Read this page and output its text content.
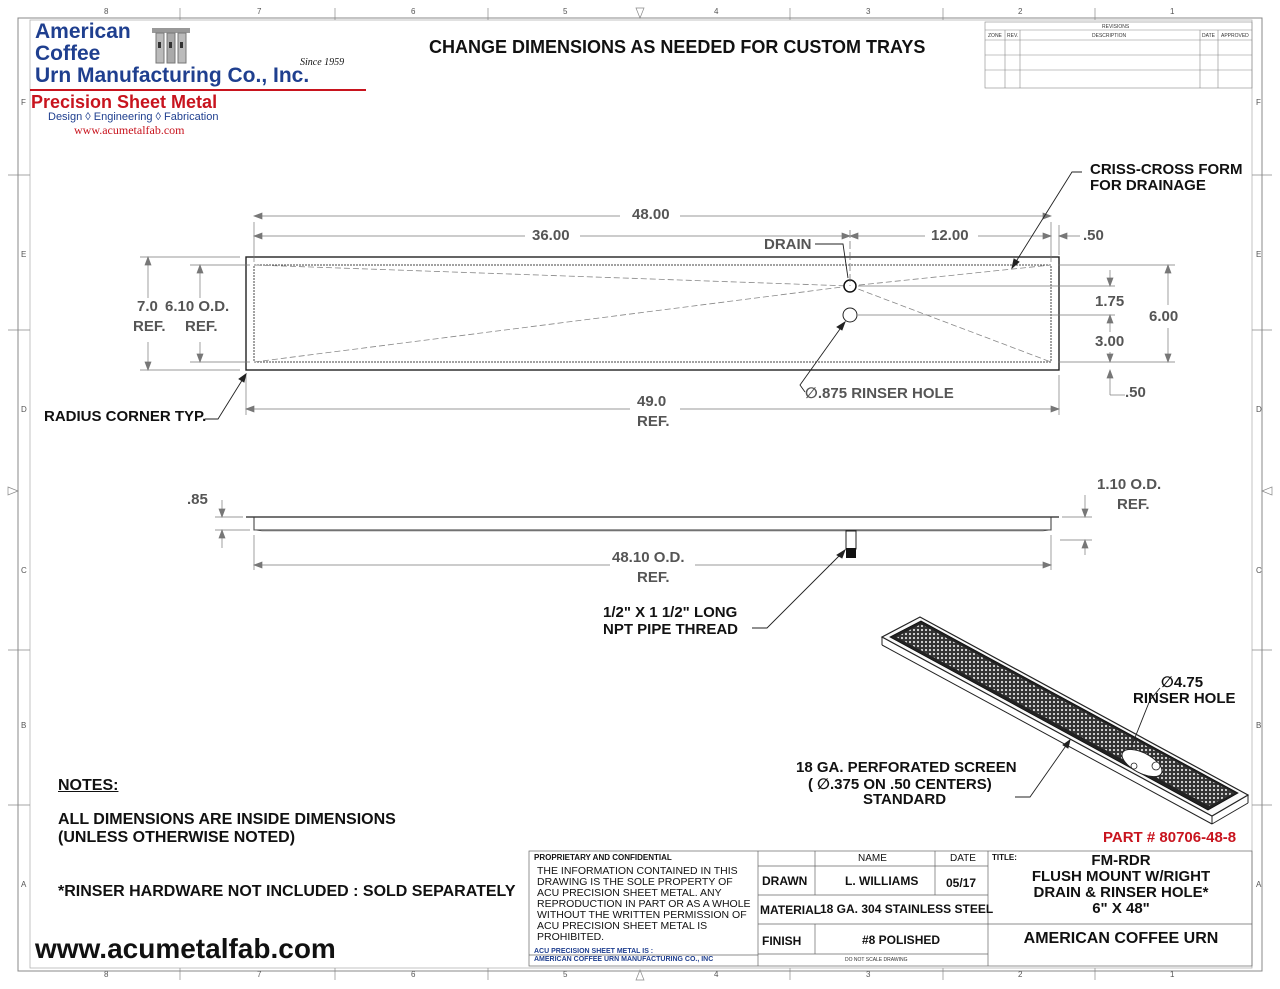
8	7	6	5	4	3	2	1
8	7	6	5	4	3	2	1
F
E
D
C
B
A
F
E
D
C
B
A
American
Coffee
Urn Manufacturing Co., Inc.
Since 1959
Precision Sheet Metal
Design ◊ Engineering ◊ Fabrication
www.acumetalfab.com
CHANGE DIMENSIONS AS NEEDED FOR CUSTOM TRAYS
REVISIONS
ZONE REV.	DESCRIPTION	DATE APPROVED
48.00
36.00	12.00	.50
DRAIN
CRISS-CROSS FORM
FOR DRAINAGE
7.0
REF.
6.10 O.D.
REF.
1.75
3.00
6.00
.50
∅.875 RINSER HOLE
RADIUS CORNER TYP.
49.0
REF.
.85
1.10 O.D.
REF.
48.10 O.D.
REF.
1/2" X 1 1/2" LONG
NPT PIPE THREAD
∅4.75
RINSER HOLE
18 GA. PERFORATED SCREEN
( ∅.375 ON .50 CENTERS)
STANDARD
NOTES:
ALL DIMENSIONS ARE INSIDE DIMENSIONS
(UNLESS OTHERWISE NOTED)
*RINSER HARDWARE NOT INCLUDED : SOLD SEPARATELY
www.acumetalfab.com
PART # 80706-48-8
PROPRIETARY AND CONFIDENTIAL
THE INFORMATION CONTAINED IN THIS
DRAWING IS THE SOLE PROPERTY OF
ACU PRECISION SHEET METAL. ANY
REPRODUCTION IN PART OR AS A WHOLE
WITHOUT THE WRITTEN PERMISSION OF
ACU PRECISION SHEET METAL IS
PROHIBITED.
ACU PRECISION SHEET METAL IS :
AMERICAN COFFEE URN MANUFACTURING CO., INC
NAME	DATE TITLE:
DRAWN	L. WILLIAMS 05/17
MATERIAL
18 GA. 304 STAINLESS STEEL
FINISH	#8 POLISHED
DO NOT SCALE DRAWING
FM-RDR
FLUSH MOUNT W/RIGHT
DRAIN & RINSER HOLE*
6" X 48"
AMERICAN COFFEE URN
